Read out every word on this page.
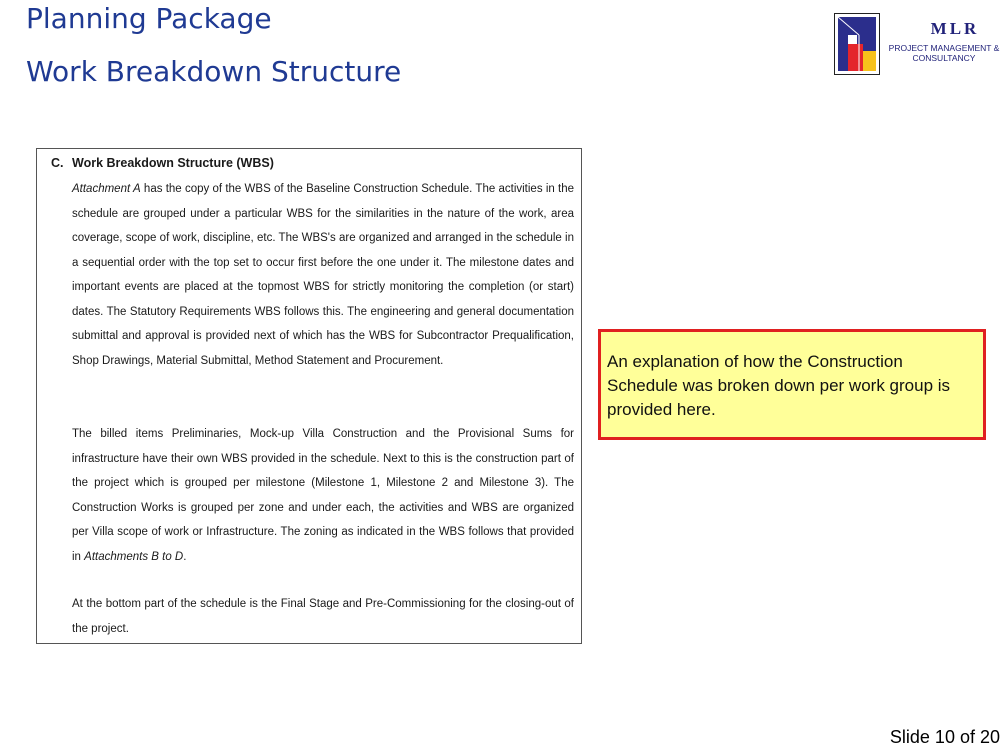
Planning Package
Work Breakdown Structure
MLR
PROJECT MANAGEMENT &
CONSULTANCY
C. Work Breakdown Structure (WBS)
Attachment A has the copy of the WBS of the Baseline Construction Schedule. The activities in the schedule are grouped under a particular WBS for the similarities in the nature of the work, area coverage, scope of work, discipline, etc. The WBS's are organized and arranged in the schedule in a sequential order with the top set to occur first before the one under it. The milestone dates and important events are placed at the topmost WBS for strictly monitoring the completion (or start) dates. The Statutory Requirements WBS follows this. The engineering and general documentation submittal and approval is provided next of which has the WBS for Subcontractor Prequalification, Shop Drawings, Material Submittal, Method Statement and Procurement.
The billed items Preliminaries, Mock-up Villa Construction and the Provisional Sums for infrastructure have their own WBS provided in the schedule. Next to this is the construction part of the project which is grouped per milestone (Milestone 1, Milestone 2 and Milestone 3). The Construction Works is grouped per zone and under each, the activities and WBS are organized per Villa scope of work or Infrastructure. The zoning as indicated in the WBS follows that provided in Attachments B to D.
At the bottom part of the schedule is the Final Stage and Pre-Commissioning for the closing-out of the project.
An explanation of how the Construction Schedule was broken down per work group is provided here.
Slide 10 of 20
